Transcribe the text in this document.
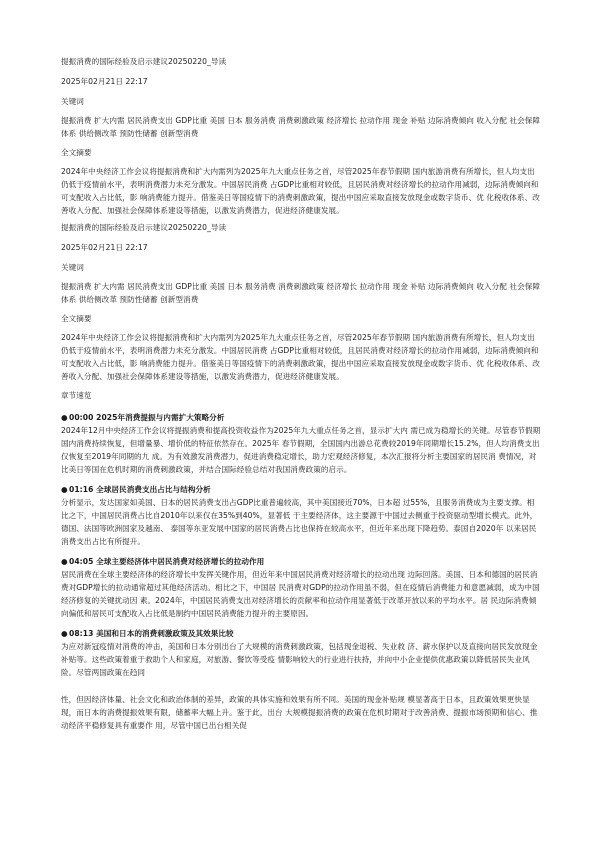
提振消费的国际经验及启示建议20250220_导读

2025年02月21日 22:17

关键词

提振消费 扩大内需 居民消费支出 GDP比重 美国 日本 服务消费 消费刺激政策 经济增长 拉动作用 现金 补贴 边际消费倾向 收入分配 社会保障体系 供给侧改革 预防性储蓄 创新型消费

全文摘要

2024年中央经济工作会议将提振消费和扩大内需列为2025年九大重点任务之首，尽管2025年春节假期 国内旅游消费有所增长，但人均支出仍低于疫情前水平，表明消费潜力未充分激发。中国居民消费 占GDP比重相对较低，且居民消费对经济增长的拉动作用减弱，边际消费倾向和可支配收入占比低，影 响消费能力提升。借鉴美日等国疫情下的消费刺激政策，提出中国应采取直接发放现金或数字货币、优 化税收体系、改善收入分配、加强社会保障体系建设等措施，以激发消费潜力，促进经济健康发展。

提振消费的国际经验及启示建议20250220_导读

2025年02月21日 22:17

关键词

提振消费 扩大内需 居民消费支出 GDP比重 美国 日本 服务消费 消费刺激政策 经济增长 拉动作用 现金 补贴 边际消费倾向 收入分配 社会保障体系 供给侧改革 预防性储蓄 创新型消费

全文摘要

2024年中央经济工作会议将提振消费和扩大内需列为2025年九大重点任务之首，尽管2025年春节假期 国内旅游消费有所增长，但人均支出仍低于疫情前水平，表明消费潜力未充分激发。中国居民消费 占GDP比重相对较低，且居民消费对经济增长的拉动作用减弱，边际消费倾向和可支配收入占比低，影 响消费能力提升。借鉴美日等国疫情下的消费刺激政策，提出中国应采取直接发放现金或数字货币、优 化税收体系、改善收入分配、加强社会保障体系建设等措施，以激发消费潜力，促进经济健康发展。

章节速览

●00:00 2025年消费提振与内需扩大策略分析

2024年12月中央经济工作会议将提振消费和提高投资收益作为2025年九大重点任务之首，显示扩大内 需已成为稳增长的关键。尽管春节假期国内消费持续恢复，但增量暴、增价低的特征依然存在。2025年 春节假期，全国国内出游总花费较2019年同期增长15.2%，但人均消费支出仅恢复至2019年同期的九 成。为有效激发消费潜力，促进消费稳定增长，助力宏观经济修复，本次汇报将分析主要国家的居民消 费情况，对比美日等国在危机时期的消费刺激政策，并结合国际经验总结对我国消费政策的启示。

●01:16 全球居民消费支出占比与结构分析

分析显示，发达国家如美国、日本的居民消费支出占GDP比重普遍较高，其中美国接近70%，日本超 过55%，且服务消费成为主要支撑。相比之下，中国居民消费占比自2010年以来仅在35%到40%，显著低 于主要经济体，这主要源于中国过去侧重于投资驱动型增长模式。此外，德国、法国等欧洲国家及越南、 泰国等东亚发展中国家的居民消费占比也保持在较高水平，但近年来出现下降趋势。泰国自2020年 以来居民消费支出占比有所提升。

●04:05 全球主要经济体中居民消费对经济增长的拉动作用

居民消费在全球主要经济体的经济增长中发挥关键作用，但近年来中国居民消费对经济增长的拉动出现 边际回落。美国、日本和德国的居民消费对GDP增长的拉动通常超过其他经济活动。相比之下，中国居 民消费对GDP的拉动作用虽不弱，但在疫情后消费能力和意愿减弱，成为中国经济修复的关键扰动因 素。2024年，中国居民消费支出对经济增长的贡献率和拉动作用显著低于改革开放以来的平均水平。居 民边际消费倾向偏低和居民可支配收入占比低是制约中国居民消费能力提升的主要原因。

●08:13 美国和日本的消费刺激政策及其效果比较

为应对新冠疫情对消费的冲击，美国和日本分别出台了大规模的消费刺激政策，包括现金退税、失业救 济、薪水保护以及直接向居民发放现金补贴等。这些政策着重于救助个人和家庭，对旅游、餐饮等受疫 情影响较大的行业进行扶持，并向中小企业提供优惠政策以降低居民失业风险。尽管两国政策在趋同

性，但因经济体量、社会文化和政治体制的差异，政策的具体实施和效果有所不同。美国的现金补贴规 模显著高于日本，且政策效果更快显现，而日本的消费提振效果有限，储蓄率大幅上升。鉴于此，出台 大规模提振消费的政策在危机时期对于改善消费、提振市场预期和信心、推动经济平稳修复具有重要作 用，尽管中国已出台相关促
